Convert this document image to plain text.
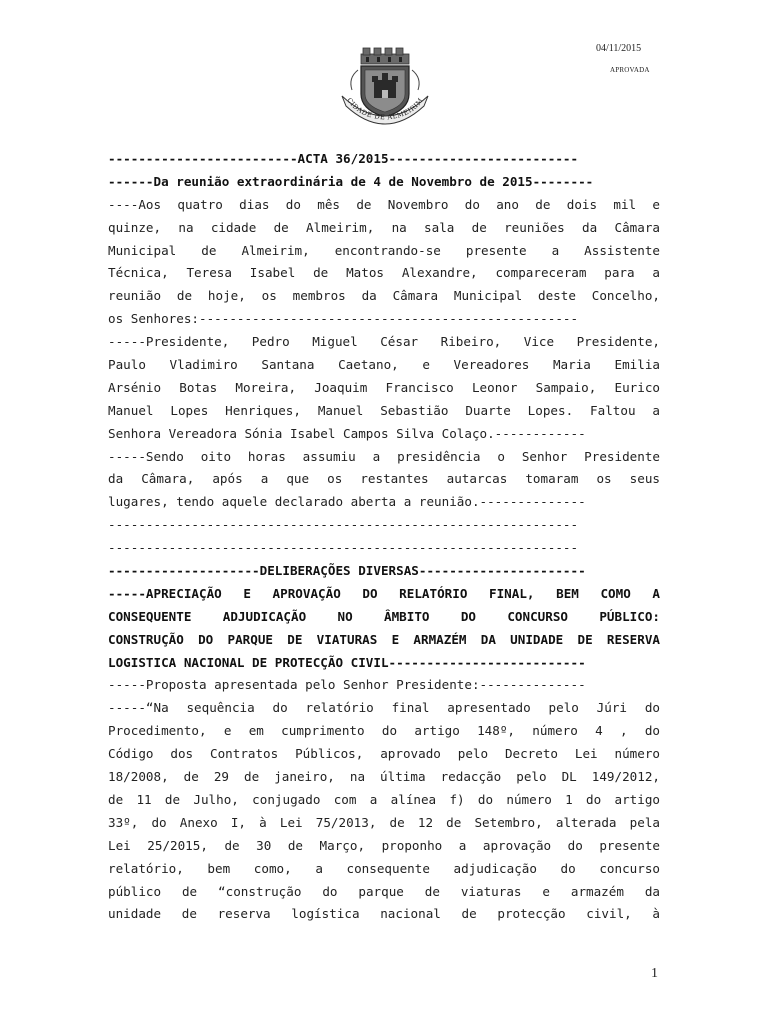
04/11/2015
APROVADA
CIDADE DE ALMEIRIM
-------------------------ACTA 36/2015-------------------------
------Da reunião extraordinária de 4 de Novembro de 2015--------
----Aos quatro dias do mês de Novembro do ano de dois mil e
quinze, na cidade de Almeirim, na sala de reuniões da Câmara
Municipal de Almeirim, encontrando-se presente a Assistente
Técnica, Teresa Isabel de Matos Alexandre, compareceram para a
reunião de hoje, os membros da Câmara Municipal deste Concelho,
os Senhores:--------------------------------------------------
-----Presidente, Pedro Miguel César Ribeiro, Vice Presidente,
Paulo Vladimiro Santana Caetano, e Vereadores Maria Emilia
Arsénio Botas Moreira, Joaquim Francisco Leonor Sampaio, Eurico
Manuel Lopes Henriques, Manuel Sebastião Duarte Lopes. Faltou a
Senhora Vereadora Sónia Isabel Campos Silva Colaço.------------
-----Sendo oito horas assumiu a presidência o Senhor Presidente
da Câmara, após a que os restantes autarcas tomaram os seus
lugares, tendo aquele declarado aberta a reunião.--------------
--------------------------------------------------------------
--------------------------------------------------------------
--------------------DELIBERAÇÕES DIVERSAS----------------------
-----APRECIAÇÃO E APROVAÇÃO DO RELATÓRIO FINAL, BEM COMO A
CONSEQUENTE ADJUDICAÇÃO NO ÂMBITO DO CONCURSO PÚBLICO:
CONSTRUÇÃO DO PARQUE DE VIATURAS E ARMAZÉM DA UNIDADE DE RESERVA
LOGISTICA NACIONAL DE PROTECÇÃO CIVIL--------------------------
-----Proposta apresentada pelo Senhor Presidente:--------------
-----“Na sequência do relatório final apresentado pelo Júri do
Procedimento, e em cumprimento do artigo 148º, número 4 , do
Código dos Contratos Públicos, aprovado pelo Decreto Lei número
18/2008, de 29 de janeiro, na última redacção pelo DL 149/2012,
de 11 de Julho, conjugado com a alínea f) do número 1 do artigo
33º, do Anexo I, à Lei 75/2013, de 12 de Setembro, alterada pela
Lei 25/2015, de 30 de Março, proponho a aprovação do presente
relatório, bem como, a consequente adjudicação do concurso
público de “construção do parque de viaturas e armazém da
unidade de reserva logística nacional de protecção civil, à
1
